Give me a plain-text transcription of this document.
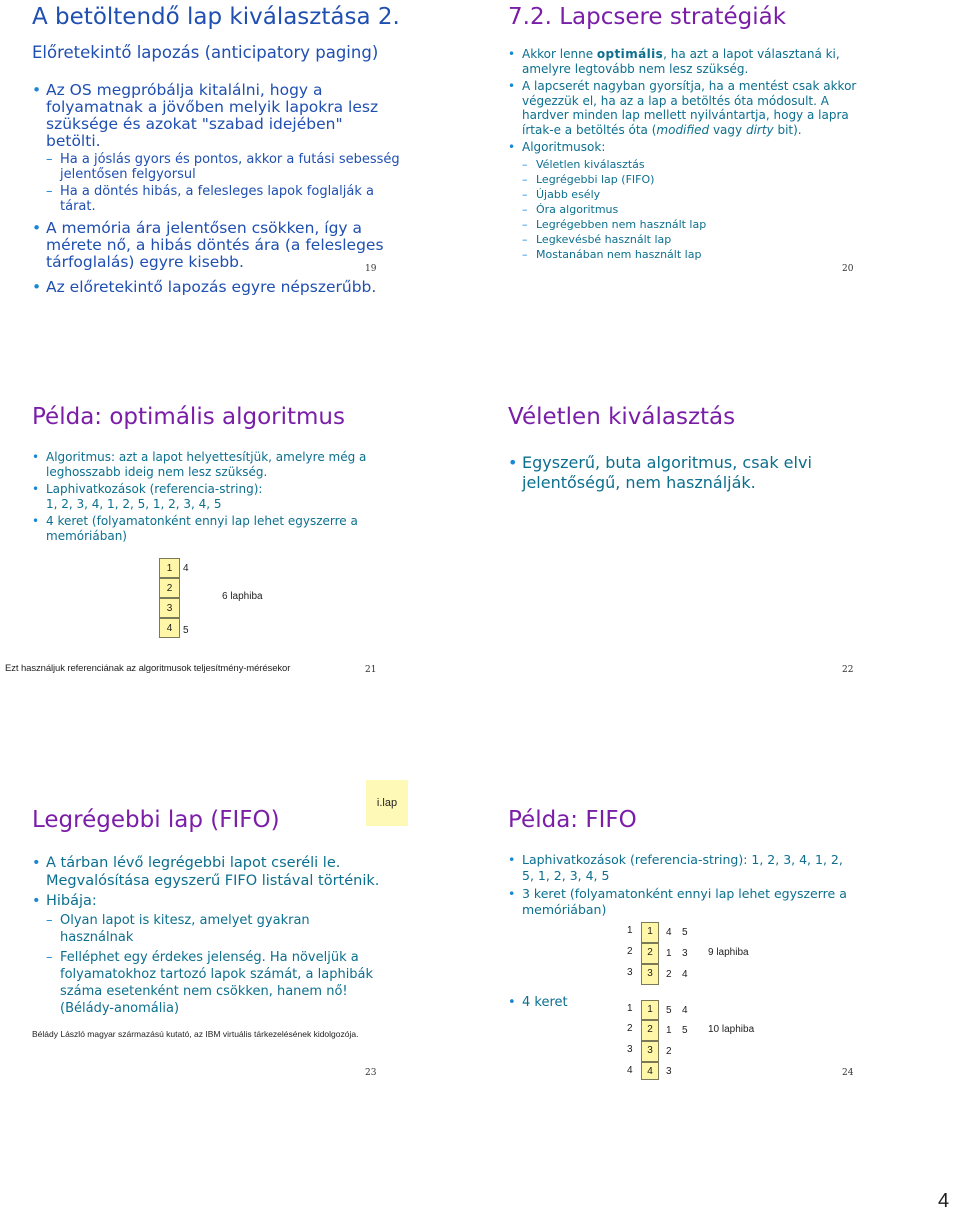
A betöltendő lap kiválasztása 2.
Előretekintő lapozás (anticipatory paging)
• Az OS megpróbálja kitalálni, hogy a folyamatnak a jövőben melyik lapokra lesz szüksége és azokat "szabad idejében" betölti.
– Ha a jóslás gyors és pontos, akkor a futási sebesség jelentősen felgyorsul
– Ha a döntés hibás, a felesleges lapok foglalják a tárat.
• A memória ára jelentősen csökken, így a mérete nő, a hibás döntés ára (a felesleges tárfoglalás) egyre kisebb.
• Az előretekintő lapozás egyre népszerűbb.
19
7.2. Lapcsere stratégiák
• Akkor lenne optimális, ha azt a lapot választaná ki, amelyre legtovább nem lesz szükség.
• A lapcserét nagyban gyorsítja, ha a mentést csak akkor végezzük el, ha az a lap a betöltés óta módosult. A hardver minden lap mellett nyilvántartja, hogy a lapra írtak-e a betöltés óta (modified vagy dirty bit).
• Algoritmusok:
– Véletlen kiválasztás
– Legrégebbi lap (FIFO)
– Újabb esély
– Óra algoritmus
– Legrégebben nem használt lap
– Legkevésbé használt lap
– Mostanában nem használt lap
20
Példa: optimális algoritmus
• Algoritmus: azt a lapot helyettesítjük, amelyre még a leghosszabb ideig nem lesz szükség.
• Laphivatkozások (referencia-string):
1, 2, 3, 4, 1, 2, 5, 1, 2, 3, 4, 5
• 4 keret (folyamatonként ennyi lap lehet egyszerre a memóriában)
1
2
3
4
4
5
6 laphiba
Ezt használjuk referenciának az algoritmusok teljesítmény-mérésekor	21
Véletlen kiválasztás
• Egyszerű, buta algoritmus, csak elvi jelentőségű, nem használják.
22
Legrégebbi lap (FIFO)
i.lap
• A tárban lévő legrégebbi lapot cseréli le. Megvalósítása egyszerű FIFO listával történik.
• Hibája:
– Olyan lapot is kitesz, amelyet gyakran használnak
– Felléphet egy érdekes jelenség. Ha növeljük a folyamatokhoz tartozó lapok számát, a laphibák száma esetenként nem csökken, hanem nő! (Bélády-anomália)
Bélády László magyar származású kutató, az IBM virtuális tárkezelésének kidolgozója.
23
Példa: FIFO
• Laphivatkozások (referencia-string): 1, 2, 3, 4, 1, 2, 5, 1, 2, 3, 4, 5
• 3 keret (folyamatonként ennyi lap lehet egyszerre a memóriában)
• 4 keret
1
2
3
1
2
3
4
1
2
5
3
4
9 laphiba
1
2
3
4
1
2
3
4
5
1
2
3
4
5 10 laphiba
24
4
